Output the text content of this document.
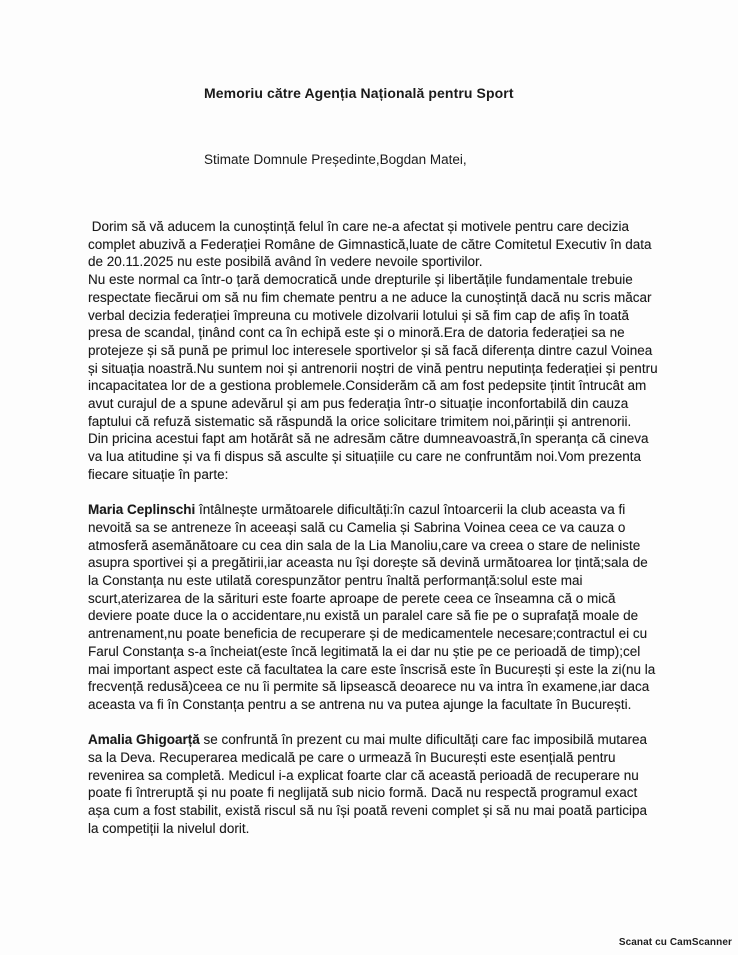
Memoriu către Agenția Națională pentru Sport
Stimate Domnule Președinte,Bogdan Matei,

Dorim să vă aducem la cunoștință felul în care ne-a afectat și motivele pentru care decizia complet abuzivă a Federației Române de Gimnastică,luate de către Comitetul Executiv în data de 20.11.2025 nu este posibilă având în vedere nevoile sportivilor.

Nu este normal ca într-o țară democratică unde drepturile și libertățile fundamentale trebuie respectate fiecărui om să nu fim chemate pentru a ne aduce la cunoștință dacă nu scris măcar verbal decizia federației împreuna cu motivele dizolvarii lotului și să fim cap de afiș în toată presa de scandal, ținând cont ca în echipă este și o minoră.Era de datoria federației sa ne protejeze și să pună pe primul loc interesele sportivelor și să facă diferența dintre cazul Voinea și situația noastră.Nu suntem noi și antrenorii noștri de vină pentru neputința federației și pentru incapacitatea lor de a gestiona problemele.Considerăm că am fost pedepsite țintit întrucât am avut curajul de a spune adevărul și am pus federația într-o situație inconfortabilă din cauza faptului că refuză sistematic să răspundă la orice solicitare trimitem noi,părinții și antrenorii.

Din pricina acestui fapt am hotărât să ne adresăm către dumneavoastră,în speranța că cineva va lua atitudine și va fi dispus să asculte și situațiile cu care ne confruntăm noi.Vom prezenta fiecare situație în parte:

Maria Ceplinschi întâlnește următoarele dificultăți:în cazul întoarcerii la club aceasta va fi nevoită sa se antreneze în aceeași sală cu Camelia și Sabrina Voinea ceea ce va cauza o atmosferă asemănătoare cu cea din sala de la Lia Manoliu,care va creea o stare de neliniste asupra sportivei și a pregătirii,iar aceasta nu își dorește să devină următoarea lor țintă;sala de la Constanța nu este utilată corespunzător pentru înaltă performanță:solul este mai scurt,aterizarea de la sărituri este foarte aproape de perete ceea ce înseamna că o mică deviere poate duce la o accidentare,nu există un paralel care să fie pe o suprafață moale de antrenament,nu poate beneficia de recuperare și de medicamentele necesare;contractul ei cu Farul Constanța s-a încheiat(este încă legitimată la ei dar nu știe pe ce perioadă de timp);cel mai important aspect este că facultatea la care este înscrisă este în București și este la zi(nu la frecvență redusă)ceea ce nu îi permite să lipsească deoarece nu va intra în examene,iar daca aceasta va fi în Constanța pentru a se antrena nu va putea ajunge la facultate în București.

Amalia Ghigoarță se confruntă în prezent cu mai multe dificultăți care fac imposibilă mutarea sa la Deva. Recuperarea medicală pe care o urmează în București este esențială pentru revenirea sa completă. Medicul i-a explicat foarte clar că această perioadă de recuperare nu poate fi întreruptă și nu poate fi neglijată sub nicio formă. Dacă nu respectă programul exact așa cum a fost stabilit, există riscul să nu își poată reveni complet și să nu mai poată participa la competiții la nivelul dorit.

Scanat cu CamScanner
